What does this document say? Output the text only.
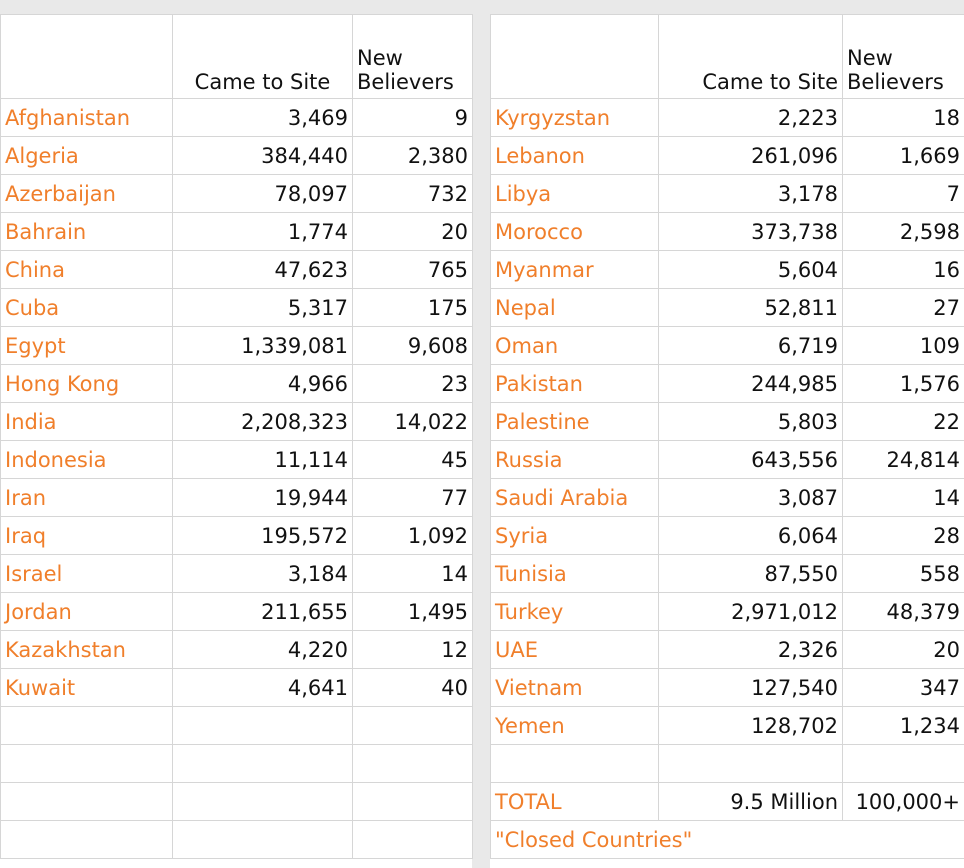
	Came to Site	New Believers
Afghanistan	3,469	9
Algeria	384,440	2,380
Azerbaijan	78,097	732
Bahrain	1,774	20
China	47,623	765
Cuba	5,317	175
Egypt	1,339,081	9,608
Hong Kong	4,966	23
India	2,208,323	14,022
Indonesia	11,114	45
Iran	19,944	77
Iraq	195,572	1,092
Israel	3,184	14
Jordan	211,655	1,495
Kazakhstan	4,220	12
Kuwait	4,641	40

	Came to Site	New Believers
Kyrgyzstan	2,223	18
Lebanon	261,096	1,669
Libya	3,178	7
Morocco	373,738	2,598
Myanmar	5,604	16
Nepal	52,811	27
Oman	6,719	109
Pakistan	244,985	1,576
Palestine	5,803	22
Russia	643,556	24,814
Saudi Arabia	3,087	14
Syria	6,064	28
Tunisia	87,550	558
Turkey	2,971,012	48,379
UAE	2,326	20
Vietnam	127,540	347
Yemen	128,702	1,234

TOTAL	9.5 Million	100,000+
"Closed Countries"		
